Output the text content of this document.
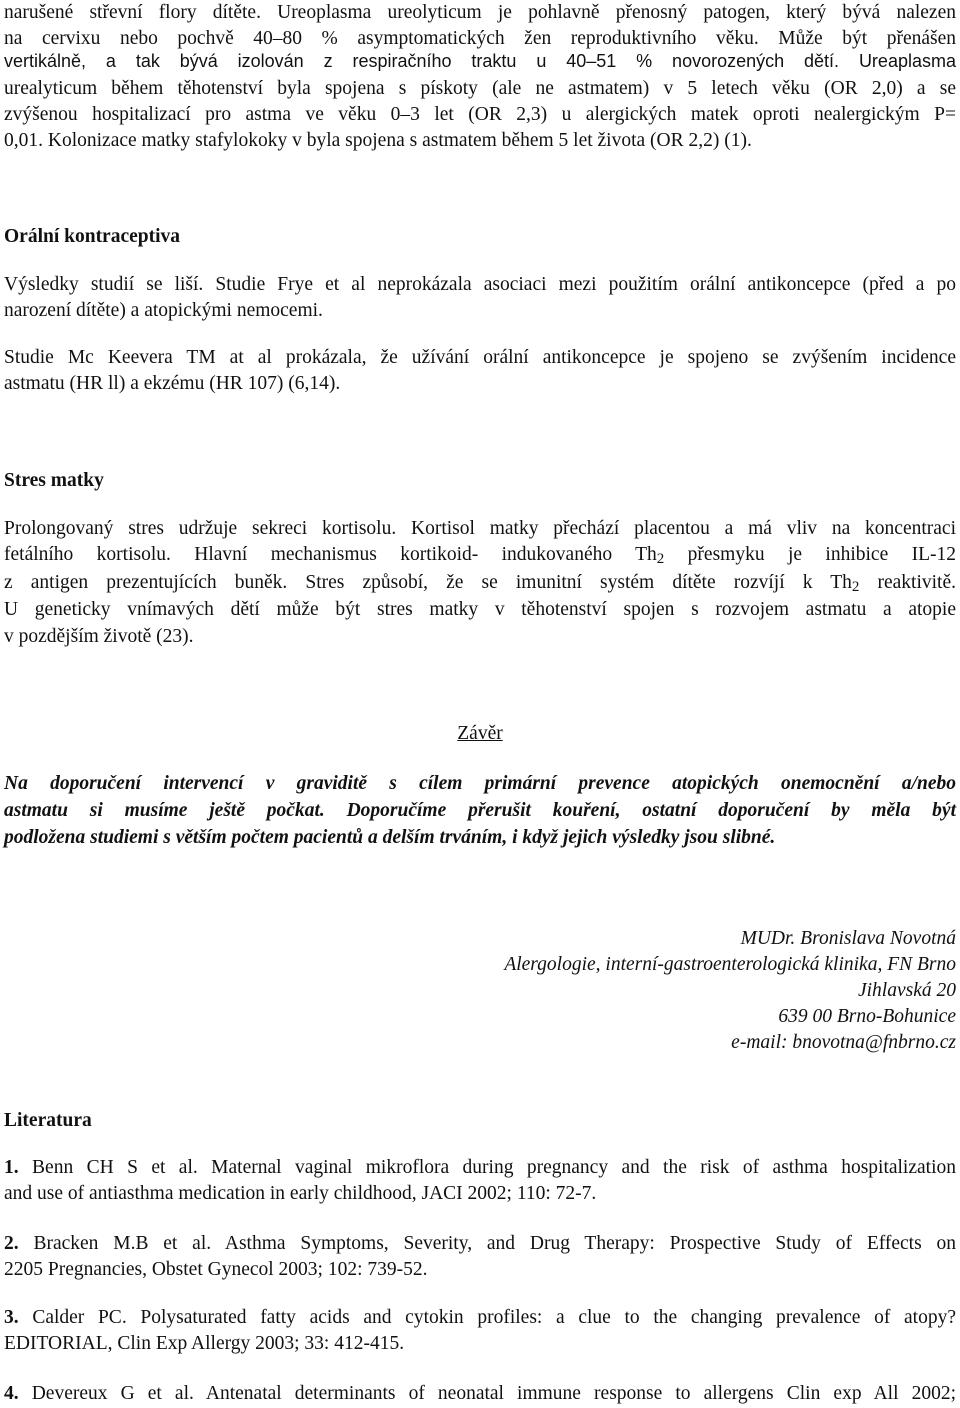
narušené střevní flory dítěte. Ureoplasma ureolyticum je pohlavně přenosný patogen, který bývá nalezen
na cervixu nebo pochvě 40–80 % asymptomatických žen reproduktivního věku. Může být přenášen
vertikálně, a tak bývá izolován z respiračního traktu u 40–51 % novorozených dětí. Ureaplasma
urealyticum během těhotenství byla spojena s pískoty (ale ne astmatem) v 5 letech věku (OR 2,0) a se
zvýšenou hospitalizací pro astma ve věku 0–3 let (OR 2,3) u alergických matek oproti nealergickým P=
0,01. Kolonizace matky stafylokoky v byla spojena s astmatem během 5 let života (OR 2,2) (1).
Orální kontraceptiva
Výsledky studií se liší. Studie Frye et al neprokázala asociaci mezi použitím orální antikoncepce (před a po
narození dítěte) a atopickými nemocemi.
Studie Mc Keevera TM at al prokázala, že užívání orální antikoncepce je spojeno se zvýšením incidence
astmatu (HR ll) a ekzému (HR 107) (6,14).
Stres matky
Prolongovaný stres udržuje sekreci kortisolu. Kortisol matky přechází placentou a má vliv na koncentraci
fetálního kortisolu. Hlavní mechanismus kortikoid- indukovaného $Th_2$ přesmyku je inhibice IL-12
z antigen prezentujících buněk. Stres způsobí, že se imunitní systém dítěte rozvíjí k $Th_2$ reaktivitě.
U geneticky vnímavých dětí může být stres matky v těhotenství spojen s rozvojem astmatu a atopie
v pozdějším životě (23).
Závěr
Na doporučení intervencí v graviditě s cílem primární prevence atopických onemocnění a/nebo
astmatu si musíme ještě počkat. Doporučíme přerušit kouření, ostatní doporučení by měla být
podložena studiemi s větším počtem pacientů a delším trváním, i když jejich výsledky jsou slibné.
MUDr. Bronislava Novotná
Alergologie, interní-gastroenterologická klinika, FN Brno
Jihlavská 20
639 00 Brno-Bohunice
e-mail: bnovotna@fnbrno.cz
Literatura
1. Benn CH S et al. Maternal vaginal mikroflora during pregnancy and the risk of asthma hospitalization
and use of antiasthma medication in early childhood, JACI 2002; 110: 72-7.
2. Bracken M.B et al. Asthma Symptoms, Severity, and Drug Therapy: Prospective Study of Effects on
2205 Pregnancies, Obstet Gynecol 2003; 102: 739-52.
3. Calder PC. Polysaturated fatty acids and cytokin profiles: a clue to the changing prevalence of atopy?
EDITORIAL, Clin Exp Allergy 2003; 33: 412-415.
4. Devereux G et al. Antenatal determinants of neonatal immune response to allergens Clin exp All 2002;
